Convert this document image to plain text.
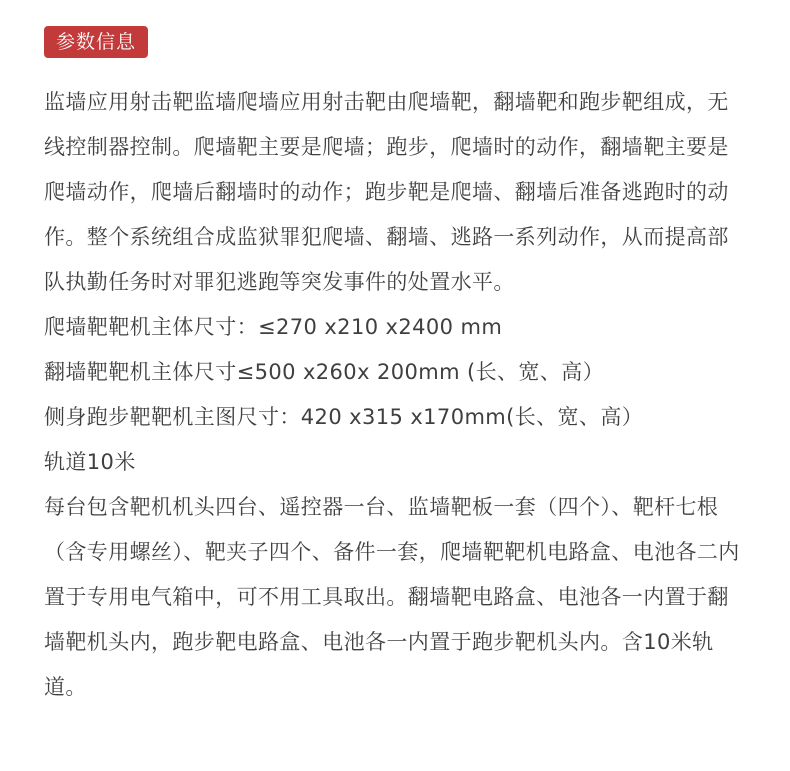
参数信息

监墙应用射击靶监墙爬墙应用射击靶由爬墙靶，翻墙靶和跑步靶组成，无线控制器控制。爬墙靶主要是爬墙；跑步，爬墙时的动作，翻墙靶主要是爬墙动作，爬墙后翻墙时的动作；跑步靶是爬墙、翻墙后准备逃跑时的动作。整个系统组合成监狱罪犯爬墙、翻墙、逃路一系列动作，从而提高部队执勤任务时对罪犯逃跑等突发事件的处置水平。

爬墙靶靶机主体尺寸：≤270 x210 x2400 mm

翻墙靶靶机主体尺寸≤500 x260x 200mm (长、宽、高）

侧身跑步靶靶机主图尺寸：420 x315 x170mm(长、宽、高）

轨道10米

每台包含靶机机头四台、遥控器一台、监墙靶板一套（四个）、靶杆七根（含专用螺丝）、靶夹子四个、备件一套，爬墙靶靶机电路盒、电池各二内置于专用电气箱中，可不用工具取出。翻墙靶电路盒、电池各一内置于翻墙靶机头内，跑步靶电路盒、电池各一内置于跑步靶机头内。含10米轨道。
